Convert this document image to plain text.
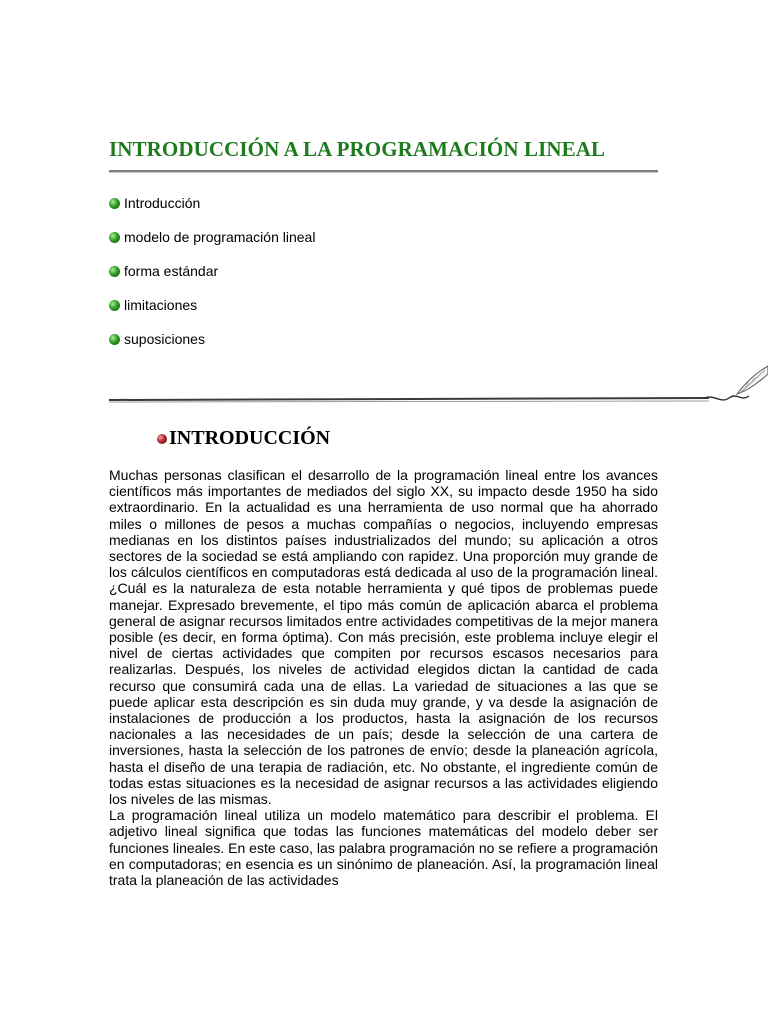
INTRODUCCIÓN A LA PROGRAMACIÓN LINEAL
Introducción
modelo de programación lineal
forma estándar
limitaciones
suposiciones
INTRODUCCIÓN

Muchas personas clasifican el desarrollo de la programación lineal entre los avances científicos más importantes de mediados del siglo XX, su impacto desde 1950 ha sido extraordinario. En la actualidad es una herramienta de uso normal que ha ahorrado miles o millones de pesos a muchas compañías o negocios, incluyendo empresas medianas en los distintos países industrializados del mundo; su aplicación a otros sectores de la sociedad se está ampliando con rapidez. Una proporción muy grande de los cálculos científicos en computadoras está dedicada al uso de la programación lineal. ¿Cuál es la naturaleza de esta notable herramienta y qué tipos de problemas puede manejar. Expresado brevemente, el tipo más común de aplicación abarca el problema general de asignar recursos limitados entre actividades competitivas de la mejor manera posible (es decir, en forma óptima). Con más precisión, este problema incluye elegir el nivel de ciertas actividades que compiten por recursos escasos necesarios para realizarlas. Después, los niveles de actividad elegidos dictan la cantidad de cada recurso que consumirá cada una de ellas. La variedad de situaciones a las que se puede aplicar esta descripción es sin duda muy grande, y va desde la asignación de instalaciones de producción a los productos, hasta la asignación de los recursos nacionales a las necesidades de un país; desde la selección de una cartera de inversiones, hasta la selección de los patrones de envío; desde la planeación agrícola, hasta el diseño de una terapia de radiación, etc. No obstante, el ingrediente común de todas estas situaciones es la necesidad de asignar recursos a las actividades eligiendo los niveles de las mismas.

La programación lineal utiliza un modelo matemático para describir el problema. El adjetivo lineal significa que todas las funciones matemáticas del modelo deber ser funciones lineales. En este caso, las palabra programación no se refiere a programación en computadoras; en esencia es un sinónimo de planeación. Así, la programación lineal trata la planeación de las actividades
